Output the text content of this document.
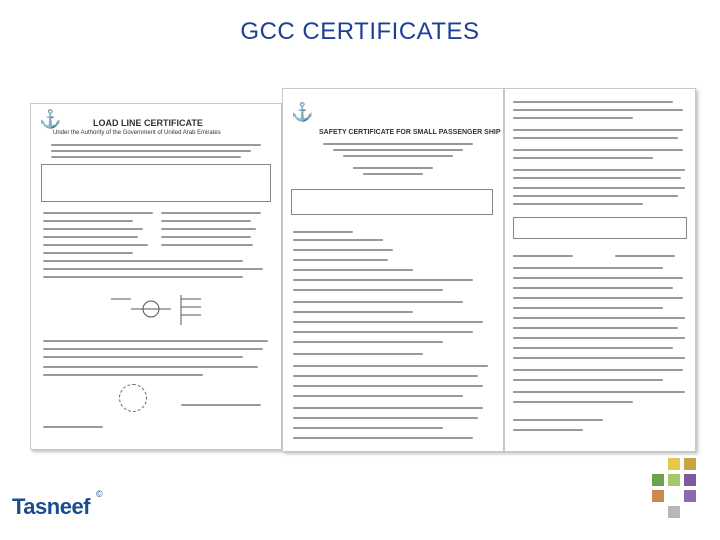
GCC CERTIFICATES
⚓	LOAD LINE CERTIFICATE
Under the Authority of the Government of United Arab Emirates
⚓
SAFETY CERTIFICATE FOR SMALL PASSENGER SHIP
Tasneef ©
